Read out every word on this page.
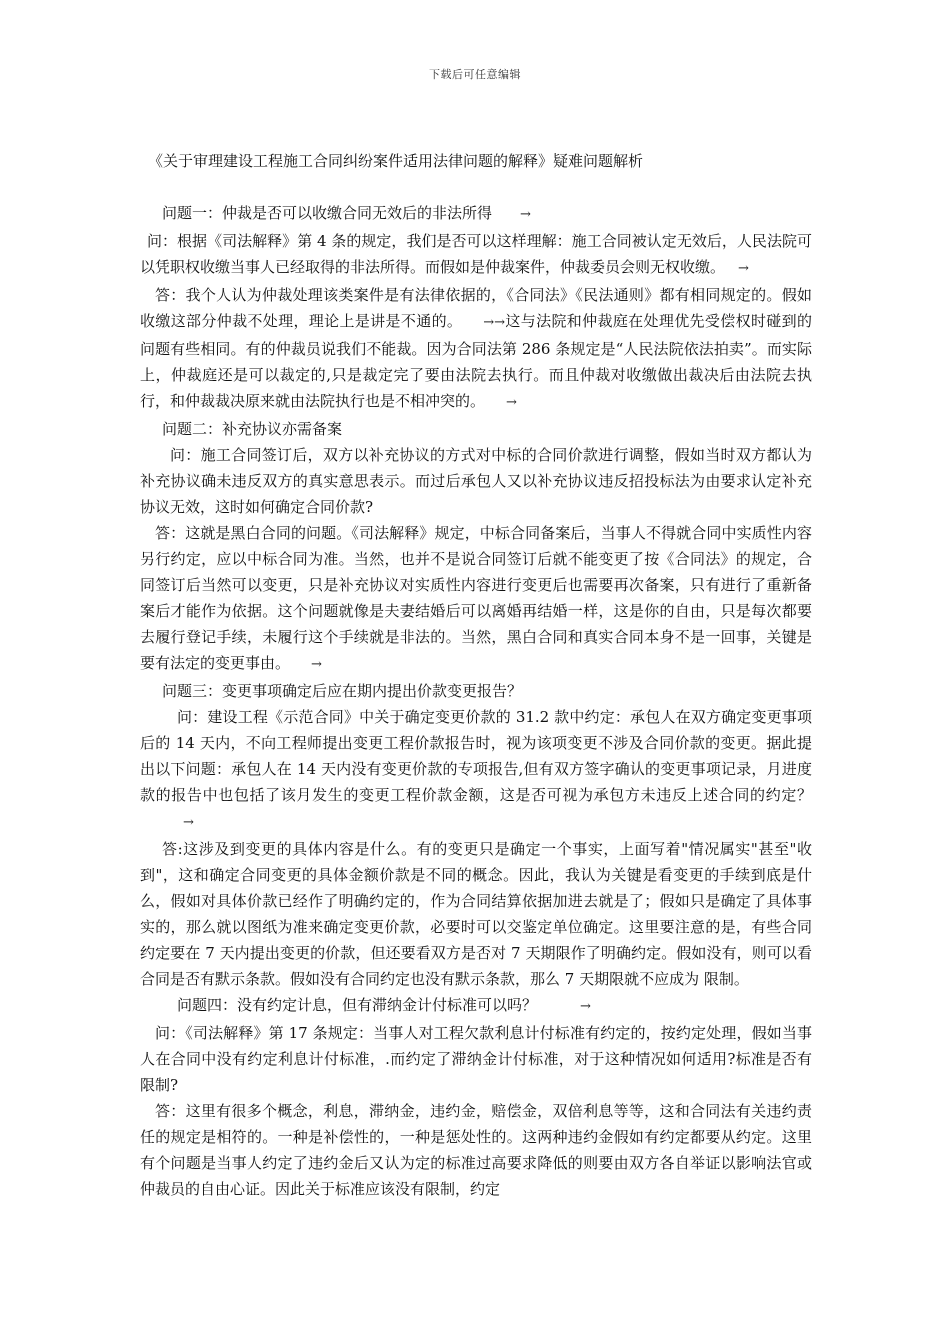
下载后可任意编辑
《关于审理建设工程施工合同纠纷案件适用法律问题的解释》疑难问题解析

问题一：仲裁是否可以收缴合同无效后的非法所得 →

问：根据《司法解释》第 4 条的规定，我们是否可以这样理解：施工合同被认定无效后，人民法院可以凭职权收缴当事人已经取得的非法所得。而假如是仲裁案件，仲裁委员会则无权收缴。 →

答：我个人认为仲裁处理该类案件是有法律依据的，《合同法》《民法通则》都有相同规定的。假如收缴这部分仲裁不处理，理论上是讲是不通的。 →→这与法院和仲裁庭在处理优先受偿权时碰到的问题有些相同。有的仲裁员说我们不能裁。因为合同法第 286 条规定是“人民法院依法拍卖”。而实际上，仲裁庭还是可以裁定的,只是裁定完了要由法院去执行。而且仲裁对收缴做出裁决后由法院去执行，和仲裁裁决原来就由法院执行也是不相冲突的。 →

问题二：补充协议亦需备案

问：施工合同签订后，双方以补充协议的方式对中标的合同价款进行调整，假如当时双方都认为补充协议确未违反双方的真实意思表示。而过后承包人又以补充协议违反招投标法为由要求认定补充协议无效，这时如何确定合同价款?

答：这就是黑白合同的问题。《司法解释》规定，中标合同备案后，当事人不得就合同中实质性内容另行约定，应以中标合同为准。当然，也并不是说合同签订后就不能变更了按《合同法》的规定，合同签订后当然可以变更，只是补充协议对实质性内容进行变更后也需要再次备案，只有进行了重新备案后才能作为依据。这个问题就像是夫妻结婚后可以离婚再结婚一样，这是你的自由，只是每次都要去履行登记手续，未履行这个手续就是非法的。当然，黑白合同和真实合同本身不是一回事，关键是要有法定的变更事由。 →

问题三：变更事项确定后应在期内提出价款变更报告？

问：建设工程《示范合同》中关于确定变更价款的 31.2 款中约定：承包人在双方确定变更事项后的 14 天内，不向工程师提出变更工程价款报告时，视为该项变更不涉及合同价款的变更。据此提出以下问题：承包人在 14 天内没有变更价款的专项报告,但有双方签字确认的变更事项记录，月进度款的报告中也包括了该月发生的变更工程价款金额，这是否可视为承包方未违反上述合同的约定？→

答:这涉及到变更的具体内容是什么。有的变更只是确定一个事实，上面写着"情况属实"甚至"收到"，这和确定合同变更的具体金额价款是不同的概念。因此，我认为关键是看变更的手续到底是什么，假如对具体价款已经作了明确约定的，作为合同结算依据加进去就是了；假如只是确定了具体事实的，那么就以图纸为准来确定变更价款，必要时可以交鉴定单位确定。这里要注意的是，有些合同约定要在 7 天内提出变更的价款，但还要看双方是否对 7 天期限作了明确约定。假如没有，则可以看合同是否有默示条款。假如没有合同约定也没有默示条款，那么 7 天期限就不应成为 限制。

问题四：没有约定计息，但有滞纳金计付标准可以吗？	→

问：《司法解释》第 17 条规定：当事人对工程欠款利息计付标准有约定的，按约定处理，假如当事人在合同中没有约定利息计付标准，.而约定了滞纳金计付标准，对于这种情况如何适用?标准是否有限制?

答：这里有很多个概念，利息，滞纳金，违约金，赔偿金，双倍利息等等，这和合同法有关违约责任的规定是相符的。一种是补偿性的，一种是惩处性的。这两种违约金假如有约定都要从约定。这里有个问题是当事人约定了违约金后又认为定的标准过高要求降低的则要由双方各自举证以影响法官或仲裁员的自由心证。因此关于标准应该没有限制，约定
